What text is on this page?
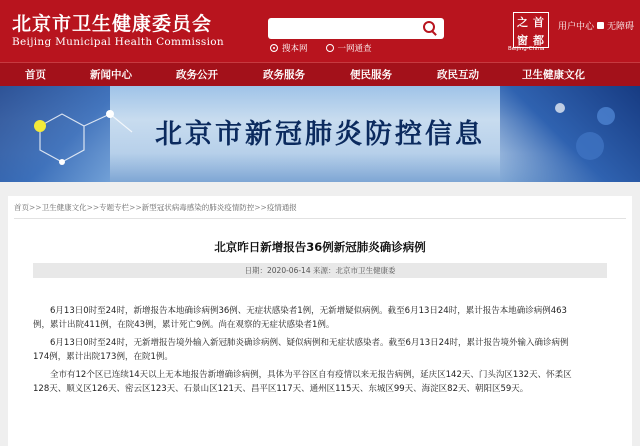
北京市卫生健康委员会
Beijing Municipal Health Commission
搜本网	一网通查
首
都
之
窗
Beijing-China
用户中心 无障碍
首页	新闻中心	政务公开	政务服务	便民服务	政民互动	卫生健康文化
北京市新冠肺炎防控信息
首页>>卫生健康文化>>专题专栏>>新型冠状病毒感染的肺炎疫情防控>>疫情通报
北京昨日新增报告36例新冠肺炎确诊病例
日期：2020-06-14 来源：北京市卫生健康委
6月13日0时至24时，新增报告本地确诊病例36例、无症状感染者1例，无新增疑似病例。截至6月13日24时，累计报告本地确诊病例463
例，累计出院411例，在院43例，累计死亡9例。尚在观察的无症状感染者1例。
6月13日0时至24时，无新增报告境外输入新冠肺炎确诊病例、疑似病例和无症状感染者。截至6月13日24时，累计报告境外输入确诊病例
174例，累计出院173例，在院1例。
全市有12个区已连续14天以上无本地报告新增确诊病例，具体为平谷区自有疫情以来无报告病例，延庆区142天、门头沟区132天、怀柔区
128天、顺义区126天、密云区123天、石景山区121天、昌平区117天、通州区115天、东城区99天、海淀区82天、朝阳区59天。
